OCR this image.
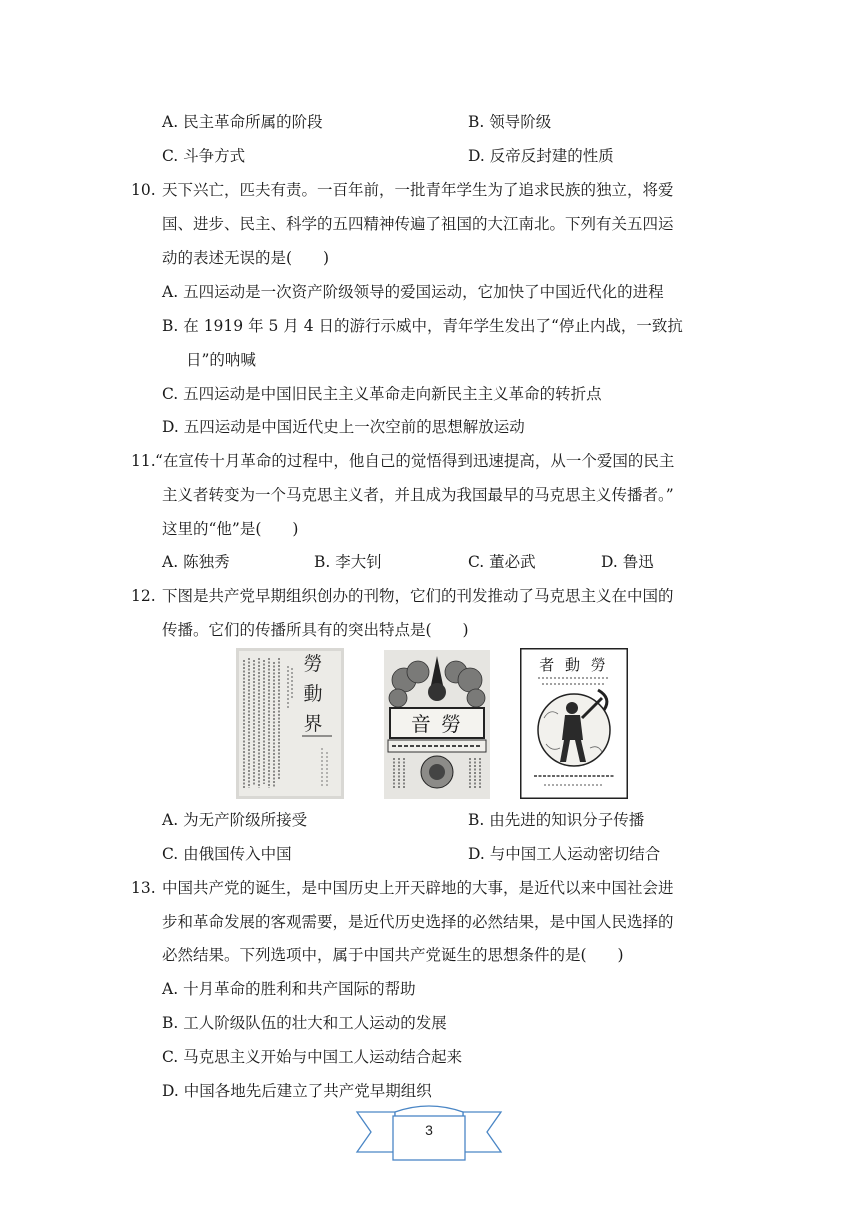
A. 民主革命所属的阶段	B. 领导阶级
C. 斗争方式	D. 反帝反封建的性质
10. 天下兴亡，匹夫有责。一百年前，一批青年学生为了追求民族的独立，将爱
国、进步、民主、科学的五四精神传遍了祖国的大江南北。下列有关五四运
动的表述无误的是(　　)
A. 五四运动是一次资产阶级领导的爱国运动，它加快了中国近代化的进程
B. 在 1919 年 5 月 4 日的游行示威中，青年学生发出了“停止内战，一致抗
日”的呐喊
C. 五四运动是中国旧民主主义革命走向新民主主义革命的转折点
D. 五四运动是中国近代史上一次空前的思想解放运动
11. “在宣传十月革命的过程中，他自己的觉悟得到迅速提高，从一个爱国的民主
主义者转变为一个马克思主义者，并且成为我国最早的马克思主义传播者。”
这里的“他”是(　　)
A. 陈独秀	B. 李大钊	C. 董必武	D. 鲁迅
12. 下图是共产党早期组织创办的刊物，它们的刊发推动了马克思主义在中国的
传播。它们的传播所具有的突出特点是(　　)
勞
動
界	音 勞
者 動 勞
A. 为无产阶级所接受	B. 由先进的知识分子传播
C. 由俄国传入中国	D. 与中国工人运动密切结合
13. 中国共产党的诞生，是中国历史上开天辟地的大事，是近代以来中国社会进
步和革命发展的客观需要，是近代历史选择的必然结果，是中国人民选择的
必然结果。下列选项中，属于中国共产党诞生的思想条件的是(　　)
A. 十月革命的胜利和共产国际的帮助
B. 工人阶级队伍的壮大和工人运动的发展
C. 马克思主义开始与中国工人运动结合起来
D. 中国各地先后建立了共产党早期组织
3
